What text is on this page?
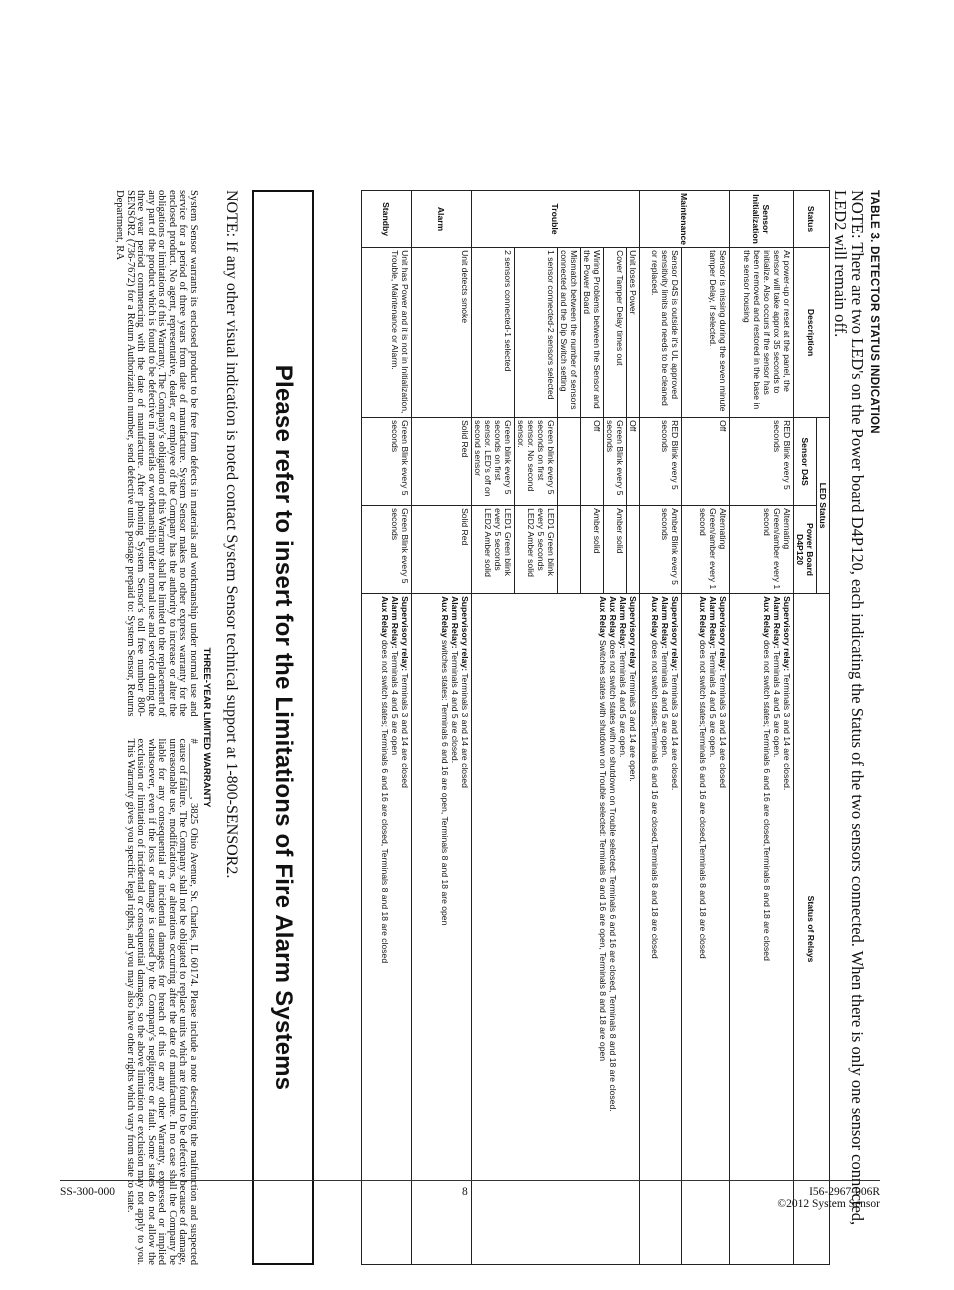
TABLE 3. DETECTOR STATUS INDICATION
NOTE: There are two LED's on the Power board D4P120, each indicating the Status of the two sensors connected. When there is only one sensor connected, LED2 will remain off.
Status	Description	LED Status		Status of Relays
		Sensor D4S	Power Board D4P120	
Sensor Initialization	At power-up or reset at the panel, the sensor will take approx 35 seconds to initialize. Also occurs if the sensor has been removed and restored in the base in the sensor housing	RED Blink every 5 seconds	Alternating Green/amber every 1 second	Supervisory relay: Terminals 3 and 14 are closed.
Alarm Relay: Terminals 4 and 5 are open.
Aux Relay does not switch states; Terminals 6 and 16 are closed,Terminals 8 and 18 are closed
Maintenance	Sensor is missing during the seven minute tamper Delay, if selected.	Off	Alternating Green/amber every 1 second	Supervisory relay: Terminals 3 and 14 are closed
Alarm Relay: Terminals 4 and 5 are open.
Aux Relay does not switch states;Terminals 6 and 16 are closed,Terminals 8 and 18 are closed
	Sensor D4S is outside it's UL approved sensitivity limits and needs to be cleaned or replaced.	RED Blink every 5 seconds	Amber Blink every 5 seconds	Supervisory relay: Terminals 3 and 14 are closed.
Alarm Relay: Terminals 4 and 5 are open.
Aux Relay does not switch states;Terminals 6 and 16 are closed,Terminals 8 and 18 are closed
Trouble	Unit loses Power	Off		Supervisory relay Terminals 3 and 14 are open.
Alarm Relay: Terminals 4 and 5 are open.
Aux Relay does not switch states with no shutdown on Trouble selected: Terminals 6 and 16 are closed, Terminals 8 and 18 are closed.
Aux Relay Switches states with shutdown on Trouble selected: Terminals 6 and 16 are open, Terminals 8 and 18 are open
	Cover Tamper Delay times out	Green Blink every 5 seconds	Amber solid	
	Wiring Problems between the Sensor and the Power Board	Off	Amber solid	
	Mismatch between the number of sensors connected and the Dip Switch setting			
	1 sensor connected-2 sensors selected	Green blink every 5 seconds on first sensor. No second sensor.	LED1 Green blink every 5 seconds LED2 Amber solid	
	2 sensors connected-1 selected	Green blink every 5 seconds on first sensor. LED's off on second sensor	LED1 Green blink every 5 seconds LED2 Amber solid	
Alarm	Unit detects smoke	Solid Red	Solid Red	Supervisory relay: Terminals 3 and 14 are closed
Alarm Relay: Terminals 4 and 5 are closed.
Aux Relay switches states: Terminals 6 and 16 are open, Terminals 8 and 18 are open
Standby	Unit has Power and it is not in Initialization, Trouble, Maintenance or Alarm.	Green Blink every 5 seconds	Green Blink every 5 seconds	Supervisory relay: Terminals 3 and 14 are closed
Alarm Relay: Terminals 4 and 5 are open
Aux Relay does not switch states; Terminals 6 and 16 are closed, Terminals 8 and 18 are closed
Please refer to insert for the Limitations of Fire Alarm Systems
NOTE: If any other visual indication is noted contact System Sensor technical support at 1-800-SENSOR2.
THREE-YEAR LIMITED WARRANTY
System Sensor warrants its enclosed product to be free from defects in materials and workmanship under normal use and service for a period of three years from date of manufacture. System Sensor makes no other express warranty for the enclosed product. No agent, representative, dealer, or employee of the Company has the authority to increase or alter the obligations or limitations of this Warranty. The Company's obligation of this Warranty shall be limited to the replacement of any part of the product which is found to be defective in materials or workmanship under normal use and service during the three year period commencing with the date of manufacture. After phoning System Sensor's toll free number 800-SENSOR2 (736-7672) for a Return Authorization number, send defective units postage prepaid to: System Sensor, Returns Department, RA
#__________, 3825 Ohio Avenue, St. Charles, IL 60174. Please include a note describing the malfunction and suspected cause of failure. The Company shall not be obligated to replace units which are found to be defective because of damage, unreasonable use, modifications, or alterations occurring after the date of manufacture. In no case shall the Company be liable for any consequential or incidental damages for breach of this or any other Warranty, expressed or implied whatsoever, even if the loss or damage is caused by the Company's negligence or fault. Some states do not allow the exclusion or limitation of incidental or consequential damages, so the above limitation or exclusion may not apply to you. This Warranty gives you specific legal rights, and you may also have other rights which vary from state to state.
SS-300-000	8	I56-2967-006R
©2012 System Sensor
